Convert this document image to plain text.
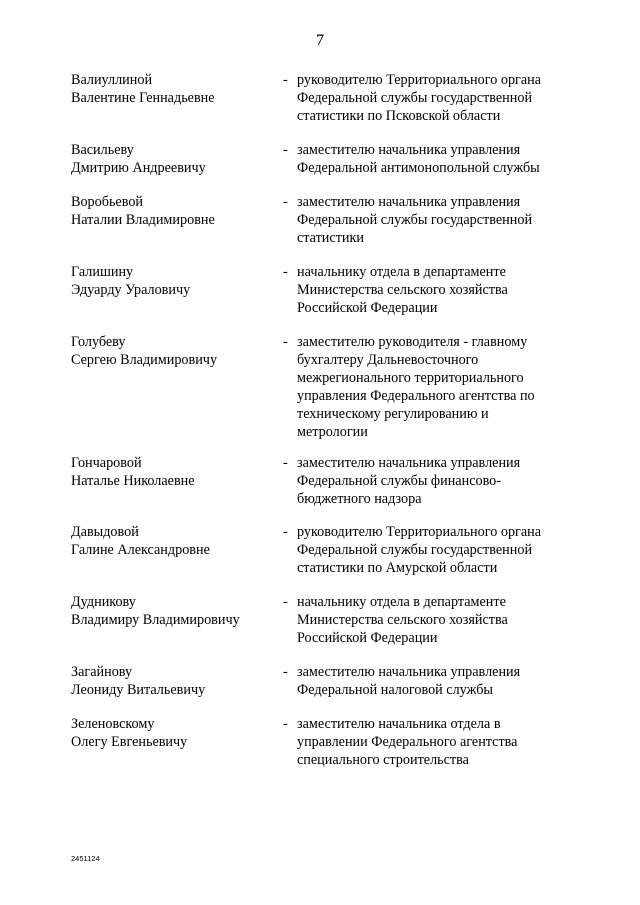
7
Валиуллиной
Валентине Геннадьевне
- руководителю Территориального органа
Федеральной службы государственной
статистики по Псковской области
Васильеву
Дмитрию Андреевичу
- заместителю начальника управления
Федеральной антимонопольной службы
Воробьевой
Наталии Владимировне
- заместителю начальника управления
Федеральной службы государственной
статистики
Галишину
Эдуарду Ураловичу
- начальнику отдела в департаменте
Министерства сельского хозяйства
Российской Федерации
Голубеву
Сергею Владимировичу
- заместителю руководителя - главному
бухгалтеру Дальневосточного
межрегионального территориального
управления Федерального агентства по
техническому регулированию и
метрологии
Гончаровой
Наталье Николаевне
- заместителю начальника управления
Федеральной службы финансово-
бюджетного надзора
Давыдовой
Галине Александровне
- руководителю Территориального органа
Федеральной службы государственной
статистики по Амурской области
Дудникову
Владимиру Владимировичу
- начальнику отдела в департаменте
Министерства сельского хозяйства
Российской Федерации
Загайнову
Леониду Витальевичу
- заместителю начальника управления
Федеральной налоговой службы
Зеленовскому
Олегу Евгеньевичу
- заместителю начальника отдела в
управлении Федерального агентства
специального строительства
2451124
